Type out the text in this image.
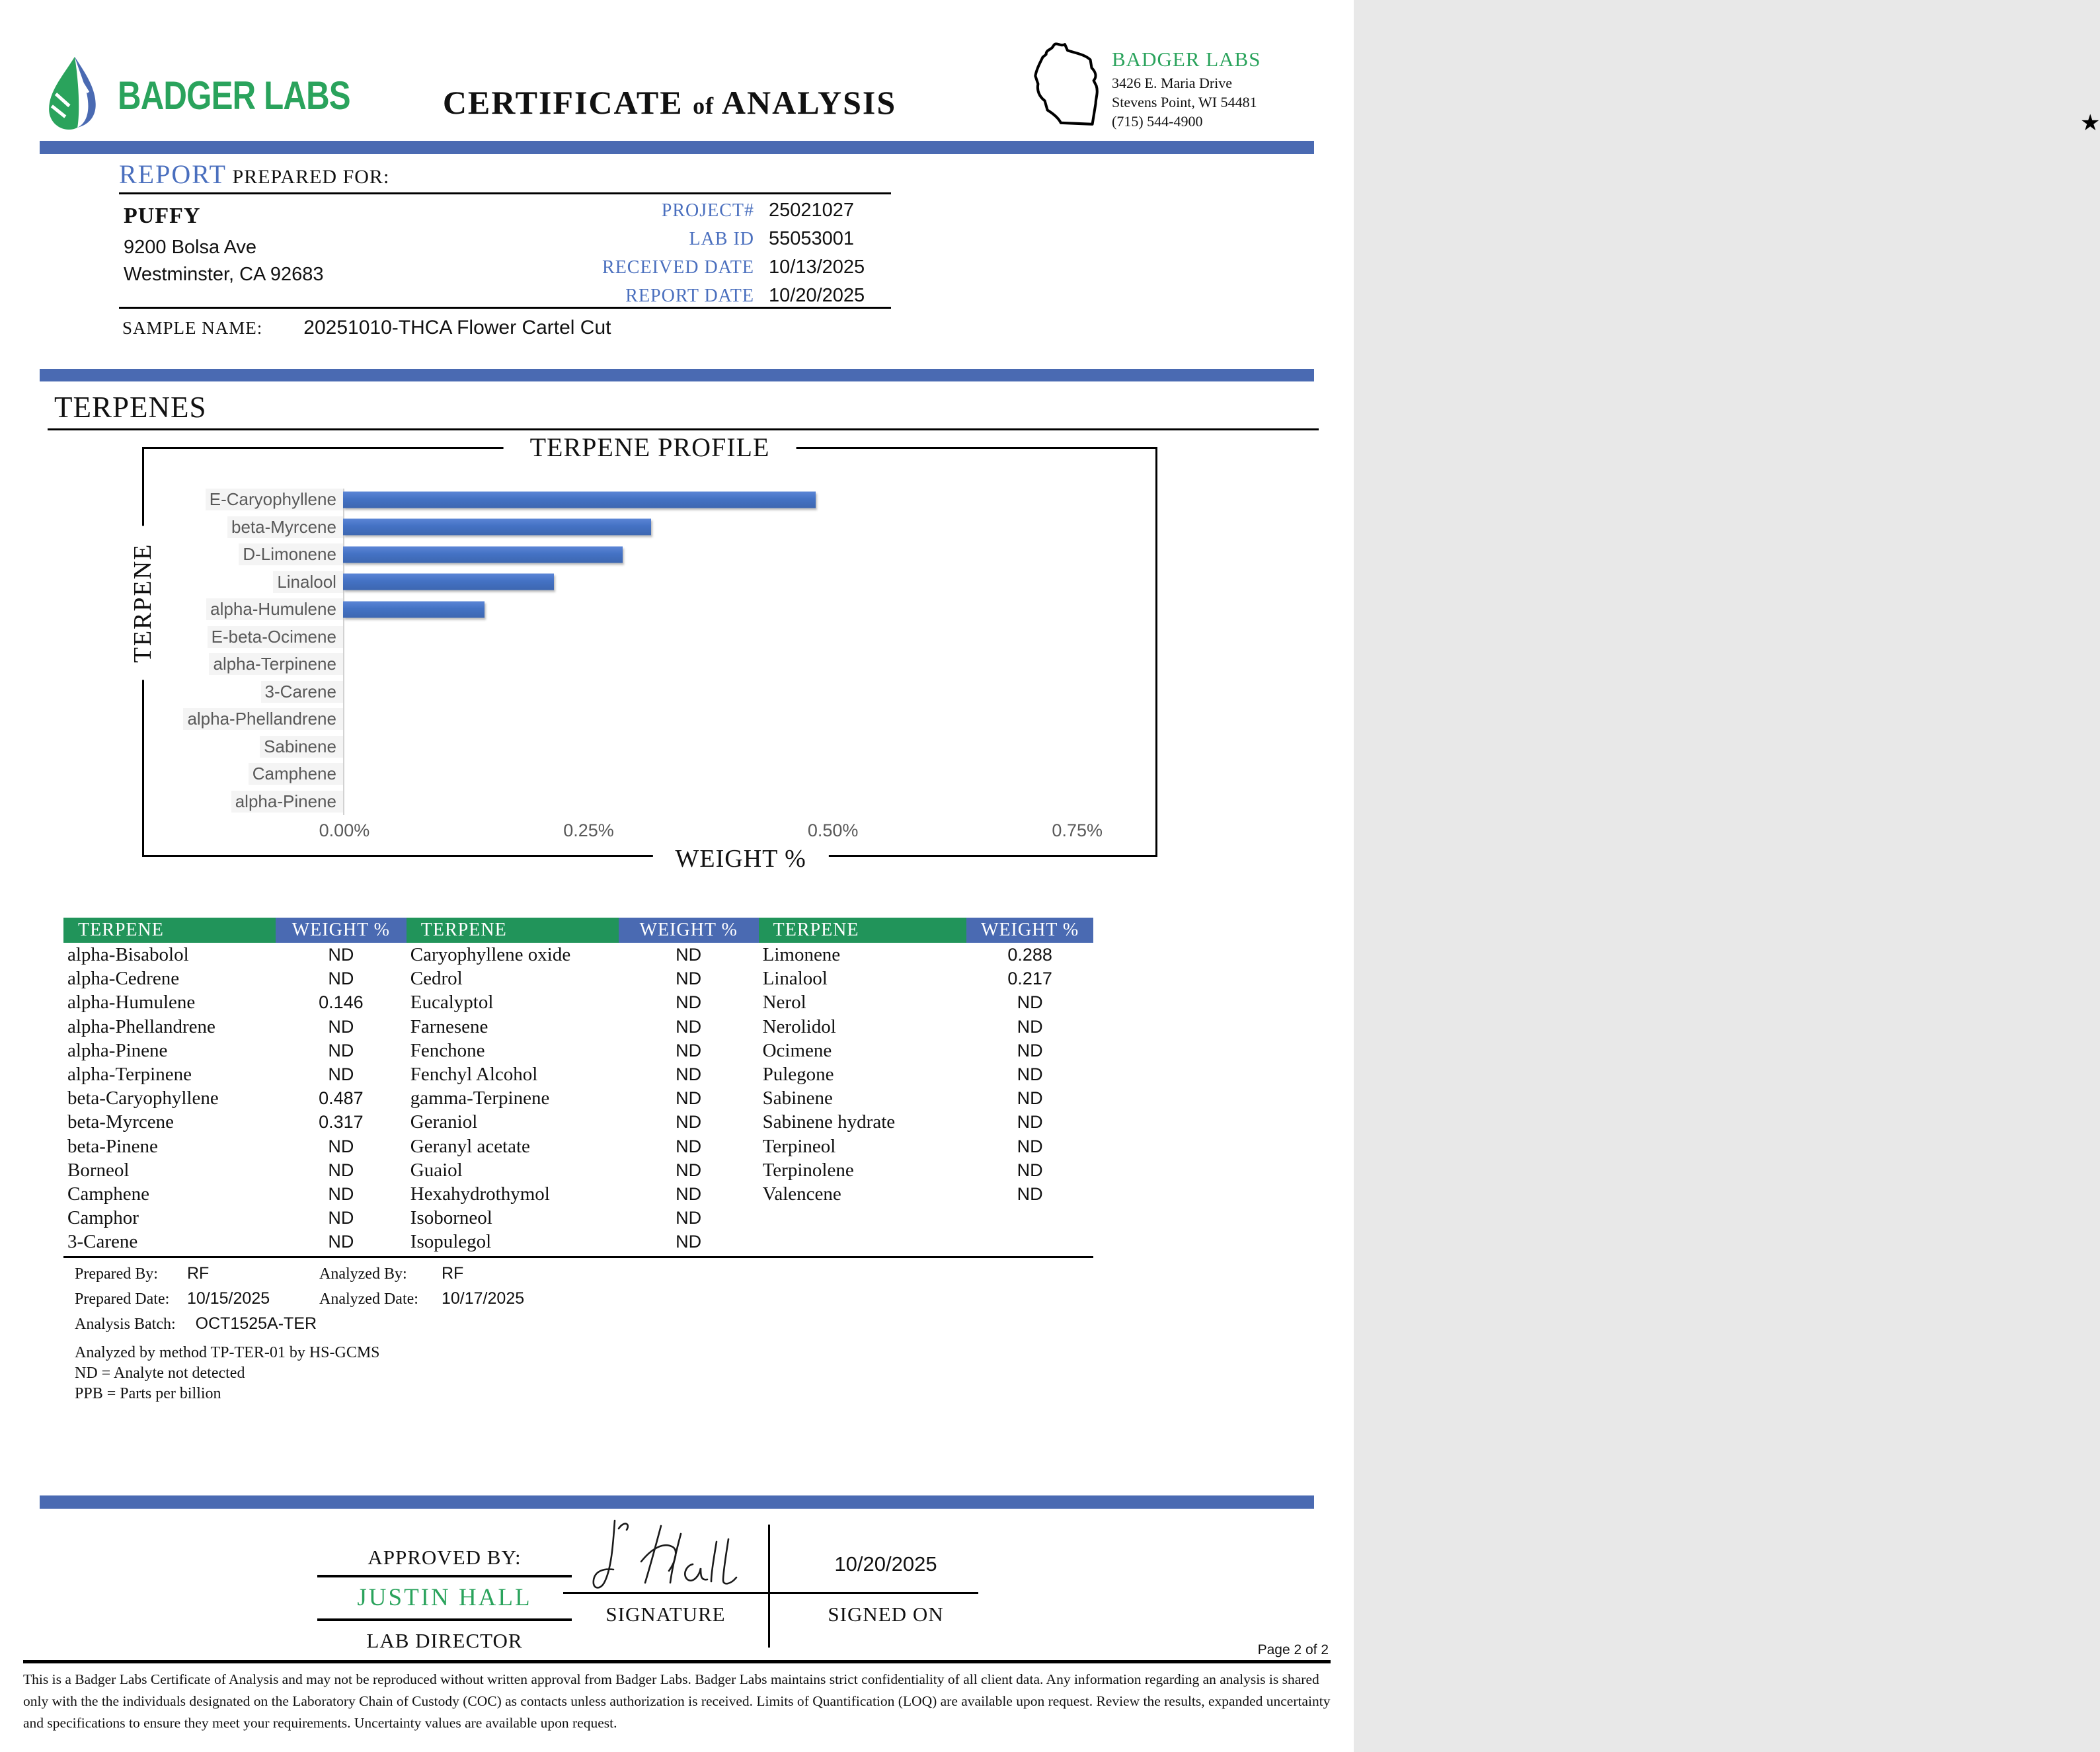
BADGER LABS	CERTIFICATE of ANALYSIS
★
BADGER LABS
3426 E. Maria Drive
Stevens Point, WI 54481
(715) 544-4900
REPORT PREPARED FOR:
PUFFY
9200 Bolsa Ave
Westminster, CA 92683
PROJECT# 25021027
LAB ID 55053001
RECEIVED DATE 10/13/2025
REPORT DATE 10/20/2025
SAMPLE NAME: 20251010-THCA Flower Cartel Cut
TERPENES
TERPENE PROFILE
TERPENE
E-Caryophyllene
beta-Myrcene
D-Limonene
Linalool
alpha-Humulene
E-beta-Ocimene
alpha-Terpinene
3-Carene
alpha-Phellandrene
Sabinene
Camphene
alpha-Pinene
0.00%	0.25%	0.50%	0.75%
WEIGHT %
TERPENE	WEIGHT %	TERPENE	WEIGHT %	TERPENE	WEIGHT %
alpha-Bisabolol	ND	Caryophyllene oxide	ND	Limonene	0.288
alpha-Cedrene	ND	Cedrol	ND	Linalool	0.217
alpha-Humulene	0.146	Eucalyptol	ND	Nerol	ND
alpha-Phellandrene	ND	Farnesene	ND	Nerolidol	ND
alpha-Pinene	ND	Fenchone	ND	Ocimene	ND
alpha-Terpinene	ND	Fenchyl Alcohol	ND	Pulegone	ND
beta-Caryophyllene	0.487	gamma-Terpinene	ND	Sabinene	ND
beta-Myrcene	0.317	Geraniol	ND	Sabinene hydrate	ND
beta-Pinene	ND	Geranyl acetate	ND	Terpineol	ND
Borneol	ND	Guaiol	ND	Terpinolene	ND
Camphene	ND	Hexahydrothymol	ND	Valencene	ND
Camphor	ND	Isoborneol	ND
3-Carene	ND	Isopulegol	ND
Prepared By:	RF	Analyzed By:	RF
Prepared Date:	10/15/2025	Analyzed Date:	10/17/2025
Analysis Batch: OCT1525A-TER
Analyzed by method TP-TER-01 by HS-GCMS
ND = Analyte not detected
PPB = Parts per billion
APPROVED BY:
JUSTIN HALL
LAB DIRECTOR
SIGNATURE
10/20/2025
SIGNED ON
Page 2 of 2
This is a Badger Labs Certificate of Analysis and may not be reproduced without written approval from Badger Labs. Badger Labs maintains strict confidentiality of all client data. Any information regarding an analysis is shared only with the the individuals designated on the Laboratory Chain of Custody (COC) as contacts unless authorization is received. Limits of Quantification (LOQ) are available upon request. Review the results, expanded uncertainty and specifications to ensure they meet your requirements. Uncertainty values are available upon request.
